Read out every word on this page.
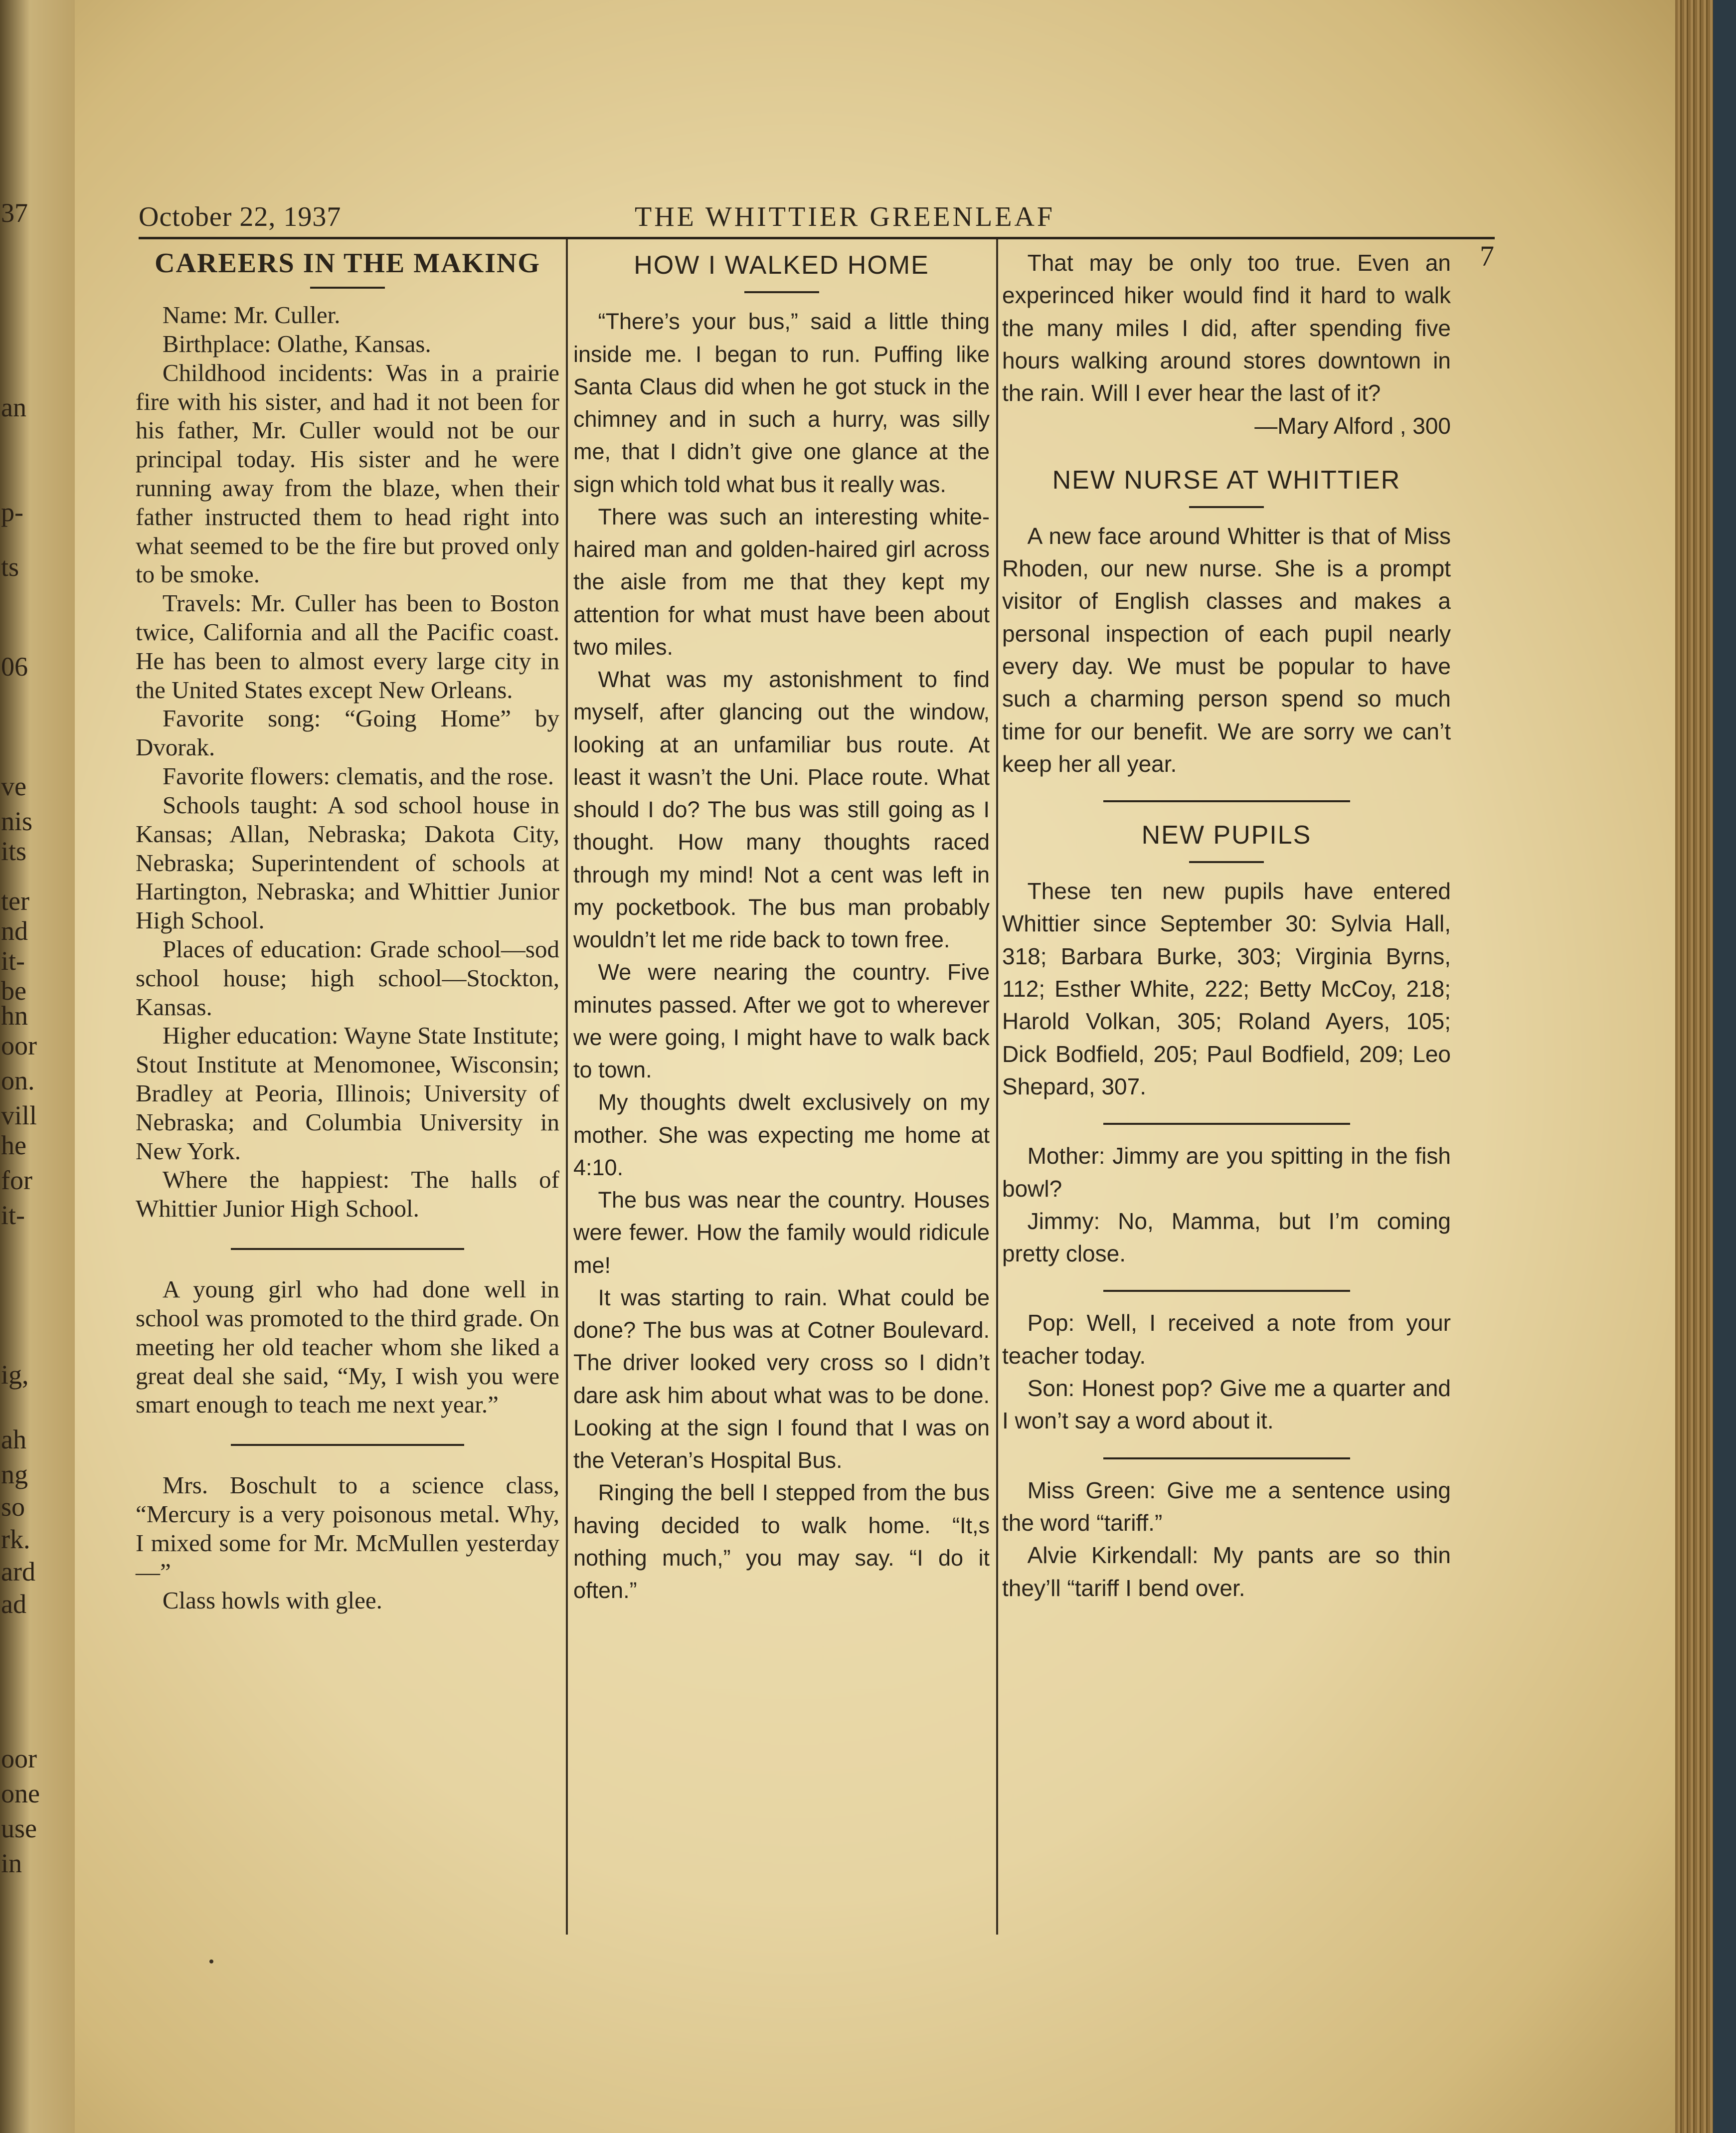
37
an
p-
ts
06
ve
nis
its
ter
nd
it-
be
hn
oor
on.
vill
he
for
it-
ig,
ah
ng
so
rk.
ard
ad
oor
one
use
in
October 22, 1937	THE WHITTIER GREENLEAF
7
CAREERS IN THE MAKING

Name: Mr. Culler.

Birthplace: Olathe, Kansas.

Childhood incidents: Was in a prairie fire with his sister, and had it not been for his father, Mr. Culler would not be our principal today. His sister and he were running away from the blaze, when their father instructed them to head right into what seemed to be the fire but proved only to be smoke.

Travels: Mr. Culler has been to Boston twice, California and all the Pacific coast. He has been to almost every large city in the United States except New Orleans.

Favorite song: “Going Home” by Dvorak.

Favorite flowers: clematis, and the rose.

Schools taught: A sod school house in Kansas; Allan, Nebraska; Dakota City, Nebraska; Superintendent of schools at Hartington, Nebraska; and Whittier Junior High School.

Places of education: Grade school—sod school house; high school—Stockton, Kansas.

Higher education: Wayne State Institute; Stout Institute at Menomonee, Wisconsin; Bradley at Peoria, Illinois; University of Nebraska; and Columbia University in New York.

Where the happiest: The halls of Whittier Junior High School.

A young girl who had done well in school was promoted to the third grade. On meeting her old teacher whom she liked a great deal she said, “My, I wish you were smart enough to teach me next year.”

Mrs. Boschult to a science class, “Mercury is a very poisonous metal. Why, I mixed some for Mr. McMullen yesterday—”

Class howls with glee.

HOW I WALKED HOME

“There’s your bus,” said a little thing inside me. I began to run. Puffing like Santa Claus did when he got stuck in the chimney and in such a hurry, was silly me, that I didn’t give one glance at the sign which told what bus it really was.

There was such an interesting white-haired man and golden-haired girl across the aisle from me that they kept my attention for what must have been about two miles.

What was my astonishment to find myself, after glancing out the window, looking at an unfamiliar bus route. At least it wasn’t the Uni. Place route. What should I do? The bus was still going as I thought. How many thoughts raced through my mind! Not a cent was left in my pocketbook. The bus man probably wouldn’t let me ride back to town free.

We were nearing the country. Five minutes passed. After we got to wherever we were going, I might have to walk back to town.

My thoughts dwelt exclusively on my mother. She was expecting me home at 4:10.

The bus was near the country. Houses were fewer. How the family would ridicule me!

It was starting to rain. What could be done? The bus was at Cotner Boulevard. The driver looked very cross so I didn’t dare ask him about what was to be done. Looking at the sign I found that I was on the Veteran’s Hospital Bus.

Ringing the bell I stepped from the bus having decided to walk home. “It,s nothing much,” you may say. “I do it often.”

That may be only too true. Even an experinced hiker would find it hard to walk the many miles I did, after spending five hours walking around stores downtown in the rain. Will I ever hear the last of it?

—Mary Alford , 300

NEW NURSE AT WHITTIER

A new face around Whitter is that of Miss Rhoden, our new nurse. She is a prompt visitor of English classes and makes a personal inspection of each pupil nearly every day. We must be popular to have such a charming person spend so much time for our benefit. We are sorry we can’t keep her all year.

NEW PUPILS

These ten new pupils have entered Whittier since September 30: Sylvia Hall, 318; Barbara Burke, 303; Virginia Byrns, 112; Esther White, 222; Betty McCoy, 218; Harold Volkan, 305; Roland Ayers, 105; Dick Bodfield, 205; Paul Bodfield, 209; Leo Shepard, 307.

Mother: Jimmy are you spitting in the fish bowl?

Jimmy: No, Mamma, but I’m coming pretty close.

Pop: Well, I received a note from your teacher today.

Son: Honest pop? Give me a quarter and I won’t say a word about it.

Miss Green: Give me a sentence using the word “tariff.”

Alvie Kirkendall: My pants are so thin they’ll “tariff I bend over.
